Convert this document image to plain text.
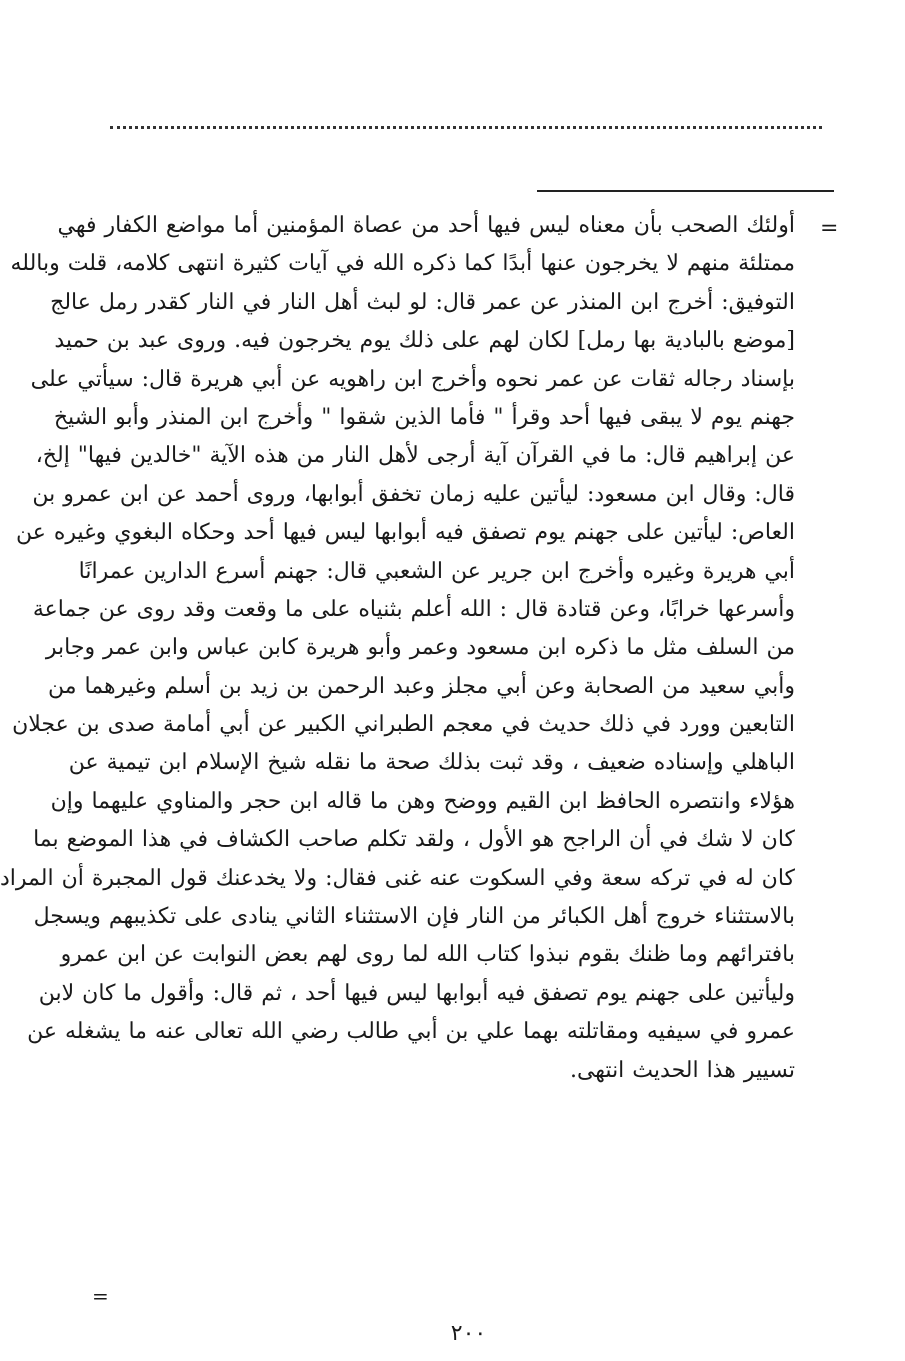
=
أولئك الصحب بأن معناه ليس فيها أحد من عصاة المؤمنين أما مواضع الكفار فهي
ممتلئة منهم لا يخرجون عنها أبدًا كما ذكره الله في آيات كثيرة انتهى كلامه، قلت وبالله
التوفيق: أخرج ابن المنذر عن عمر قال: لو لبث أهل النار في النار كقدر رمل عالج
[موضع بالبادية بها رمل] لكان لهم على ذلك يوم يخرجون فيه. وروى عبد بن حميد
بإسناد رجاله ثقات عن عمر نحوه وأخرج ابن راهويه عن أبي هريرة قال: سيأتي على
جهنم يوم لا يبقى فيها أحد وقرأ " فأما الذين شقوا " وأخرج ابن المنذر وأبو الشيخ
عن إبراهيم قال: ما في القرآن آية أرجى لأهل النار من هذه الآية "خالدين فيها" إلخ،
قال: وقال ابن مسعود: ليأتين عليه زمان تخفق أبوابها، وروى أحمد عن ابن عمرو بن
العاص: ليأتين على جهنم يوم تصفق فيه أبوابها ليس فيها أحد وحكاه البغوي وغيره عن
أبي هريرة وغيره وأخرج ابن جرير عن الشعبي قال: جهنم أسرع الدارين عمرانًا
وأسرعها خرابًا، وعن قتادة قال : الله أعلم بثنياه على ما وقعت وقد روى عن جماعة
من السلف مثل ما ذكره ابن مسعود وعمر وأبو هريرة كابن عباس وابن عمر وجابر
وأبي سعيد من الصحابة وعن أبي مجلز وعبد الرحمن بن زيد بن أسلم وغيرهما من
التابعين وورد في ذلك حديث في معجم الطبراني الكبير عن أبي أمامة صدى بن عجلان
الباهلي وإسناده ضعيف ، وقد ثبت بذلك صحة ما نقله شيخ الإسلام ابن تيمية عن
هؤلاء وانتصره الحافظ ابن القيم ووضح وهن ما قاله ابن حجر والمناوي عليهما وإن
كان لا شك في أن الراجح هو الأول ، ولقد تكلم صاحب الكشاف في هذا الموضع بما
كان له في تركه سعة وفي السكوت عنه غنى فقال: ولا يخدعنك قول المجبرة أن المراد
بالاستثناء خروج أهل الكبائر من النار فإن الاستثناء الثاني ينادى على تكذيبهم ويسجل
بافترائهم وما ظنك بقوم نبذوا كتاب الله لما روى لهم بعض النوابت عن ابن عمرو
وليأتين على جهنم يوم تصفق فيه أبوابها ليس فيها أحد ، ثم قال: وأقول ما كان لابن
عمرو في سيفيه ومقاتلته بهما علي بن أبي طالب رضي الله تعالى عنه ما يشغله عن
تسيير هذا الحديث انتهى.
=
٢٠٠
